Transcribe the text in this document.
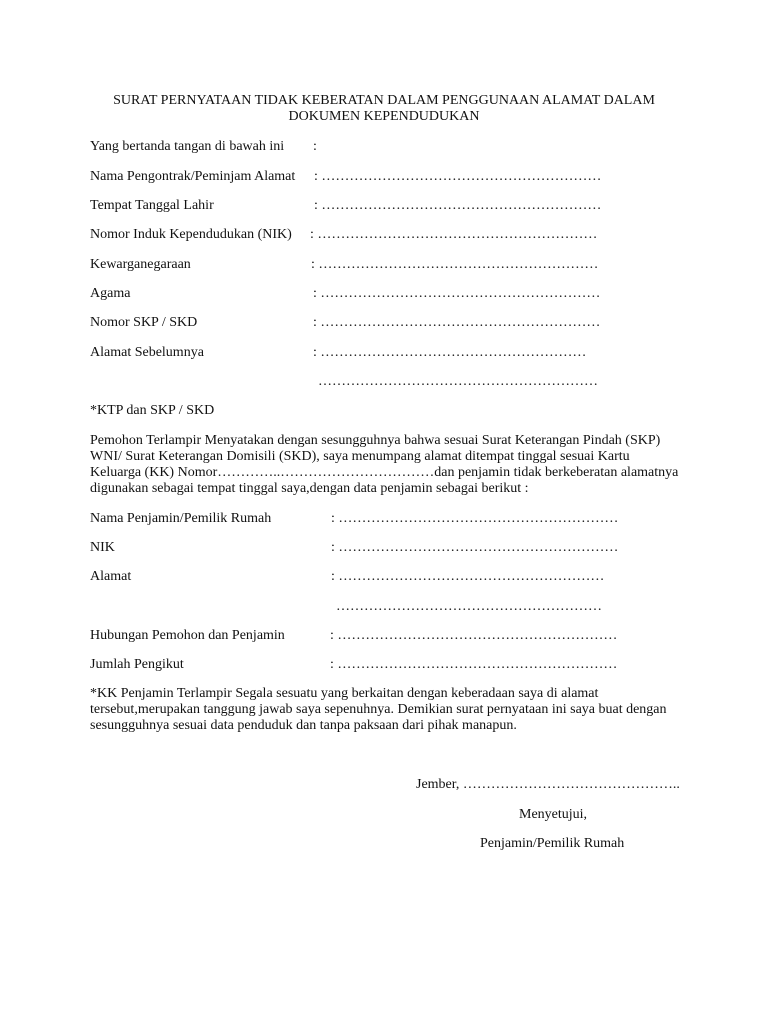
SURAT PERNYATAAN TIDAK KEBERATAN DALAM PENGGUNAAN ALAMAT DALAM
DOKUMEN KEPENDUDUKAN
Yang bertanda tangan di bawah ini :
Nama Pengontrak/Peminjam Alamat : ……………………………………………………
Tempat Tanggal Lahir	: ……………………………………………………
Nomor Induk Kependudukan (NIK) : ……………………………………………………
Kewarganegaraan	: ……………………………………………………
Agama	: ……………………………………………………
Nomor SKP / SKD	: ……………………………………………………
Alamat Sebelumnya	: …………………………………………………
……………………………………………………
*KTP dan SKP / SKD
Pemohon Terlampir Menyatakan dengan sesungguhnya bahwa sesuai Surat Keterangan Pindah (SKP) WNI/ Surat Keterangan Domisili (SKD), saya menumpang alamat ditempat tinggal sesuai Kartu Keluarga (KK) Nomor…………..……………………………dan penjamin tidak berkeberatan alamatnya digunakan sebagai tempat tinggal saya,dengan data penjamin sebagai berikut :
Nama Penjamin/Pemilik Rumah	: ……………………………………………………
NIK	: ……………………………………………………
Alamat	: …………………………………………………
…………………………………………………
Hubungan Pemohon dan Penjamin	: ……………………………………………………
Jumlah Pengikut	: ……………………………………………………
*KK Penjamin Terlampir Segala sesuatu yang berkaitan dengan keberadaan saya di alamat tersebut,merupakan tanggung jawab saya sepenuhnya. Demikian surat pernyataan ini saya buat dengan sesungguhnya sesuai data penduduk dan tanpa paksaan dari pihak manapun.
Jember, ………………………………………..
Menyetujui,
Penjamin/Pemilik Rumah
